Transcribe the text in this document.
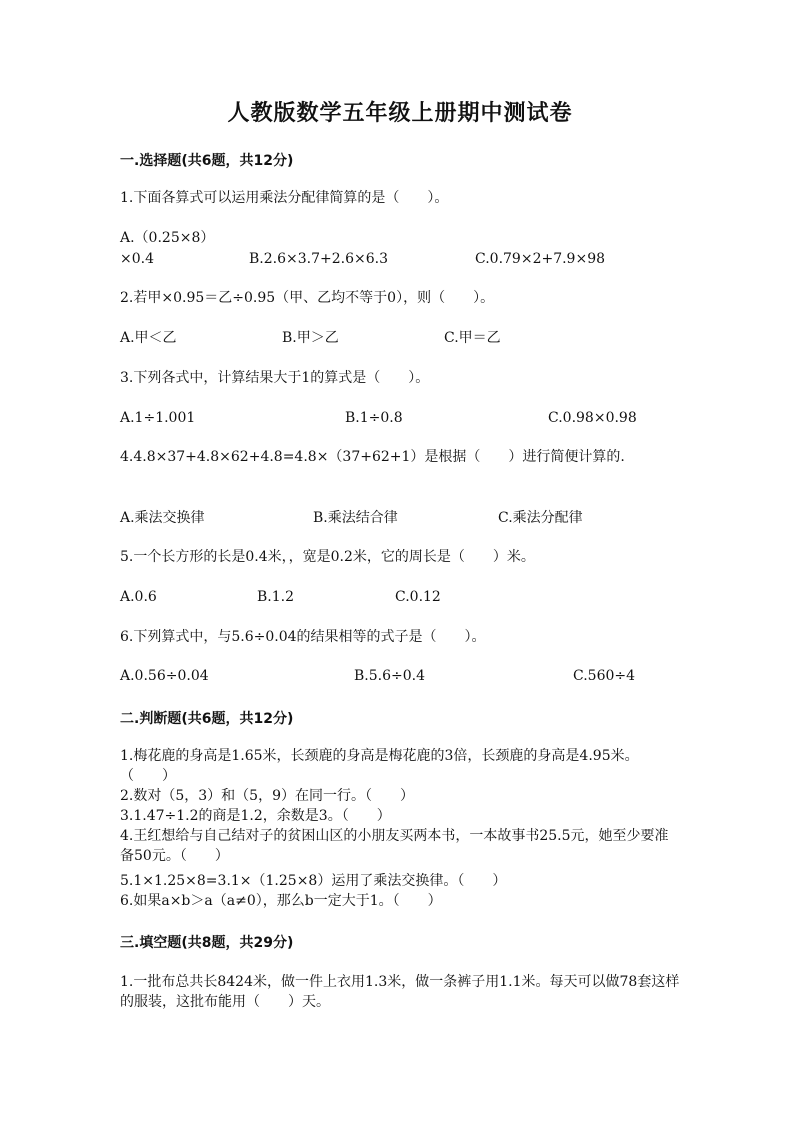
人教版数学五年级上册期中测试卷
一.选择题(共6题，共12分)

1.下面各算式可以运用乘法分配律简算的是（　　）。

A.（0.25×8）

×0.4	B.2.6×3.7+2.6×6.3	C.0.79×2+7.9×98

2.若甲×0.95＝乙÷0.95（甲、乙均不等于0），则（　　）。

A.甲＜乙	B.甲＞乙	C.甲＝乙

3.下列各式中，计算结果大于1的算式是（　　）。

A.1÷1.001	B.1÷0.8	C.0.98×0.98

4.4.8×37+4.8×62+4.8=4.8×（37+62+1）是根据（　　）进行简便计算的.

A.乘法交换律	B.乘法结合律	C.乘法分配律

5.一个长方形的长是0.4米，，宽是0.2米，它的周长是（　　）米。

A.0.6	B.1.2	C.0.12

6.下列算式中，与5.6÷0.04的结果相等的式子是（　　）。

A.0.56÷0.04	B.5.6÷0.4	C.560÷4

二.判断题(共6题，共12分)

1.梅花鹿的身高是1.65米，长颈鹿的身高是梅花鹿的3倍，长颈鹿的身高是4.95米。（　　）

2.数对（5，3）和（5，9）在同一行。（　　）

3.1.47÷1.2的商是1.2，余数是3。（　　）

4.王红想给与自己结对子的贫困山区的小朋友买两本书，一本故事书25.5元，她至少要准备50元。（　　）

5.1×1.25×8=3.1×（1.25×8）运用了乘法交换律。（　　）

6.如果a×b＞a（a≠0），那么b一定大于1。（　　）

三.填空题(共8题，共29分)

1.一批布总共长8424米，做一件上衣用1.3米，做一条裤子用1.1米。每天可以做78套这样的服装，这批布能用（　　）天。
